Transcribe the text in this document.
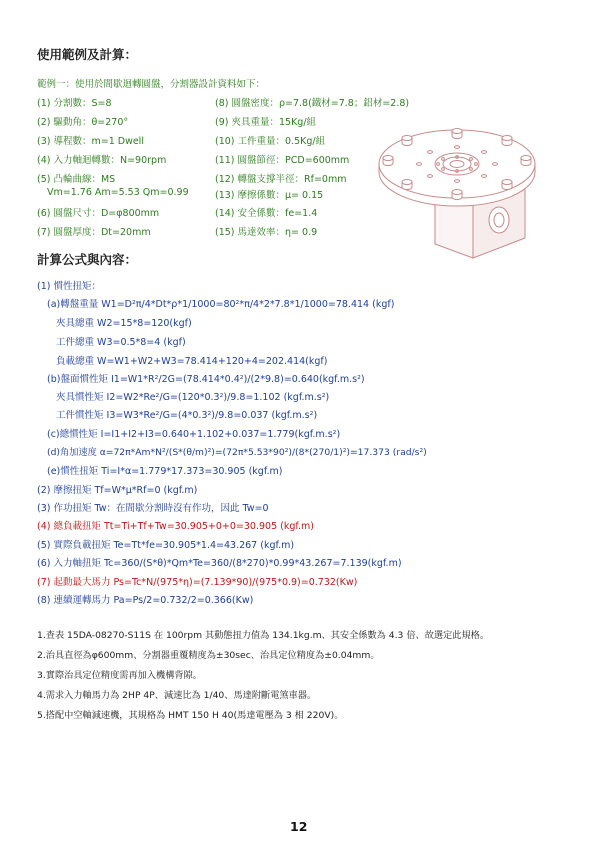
使用範例及計算：
範例一：使用於間歇迴轉圓盤，分割器設計資料如下：
(1) 分割數：S=8
(2) 驅動角：θ=270°
(3) 導程數：m=1 Dwell
(4) 入力軸迴轉數：N=90rpm
(5) 凸輪曲線：MS
Vm=1.76 Am=5.53 Qm=0.99
(6) 圓盤尺寸：D=φ800mm
(7) 圓盤厚度：Dt=20mm
(8) 圓盤密度：ρ=7.8(鐵材=7.8；鋁材=2.8)
(9) 夾具重量：15Kg/組
(10) 工件重量：0.5Kg/組
(11) 圓盤節徑：PCD=600mm
(12) 轉盤支撐半徑：Rf=0mm
(13) 摩擦係數：μ= 0.15
(14) 安全係數：fe=1.4
(15) 馬達效率：η= 0.9
計算公式與內容：
(1) 慣性扭矩：
(a)轉盤重量 W1=D²π/4*Dt*ρ*1/1000=80²*π/4*2*7.8*1/1000=78.414 (kgf)
夾具總重 W2=15*8=120(kgf)
工件總重 W3=0.5*8=4 (kgf)
負載總重 W=W1+W2+W3=78.414+120+4=202.414(kgf)
(b)盤面慣性矩 I1=W1*R²/2G=(78.414*0.4²)/(2*9.8)=0.640(kgf.m.s²)
夾具慣性矩 I2=W2*Re²/G=(120*0.3²)/9.8=1.102 (kgf.m.s²)
工件慣性矩 I3=W3*Re²/G=(4*0.3²)/9.8=0.037 (kgf.m.s²)
(c)總慣性矩 I=I1+I2+I3=0.640+1.102+0.037=1.779(kgf.m.s²)
(d)角加速度 α=72π*Am*N²/(S*(θ/m)²)=(72π*5.53*90²)/(8*(270/1)²)=17.373 (rad/s²)
(e)慣性扭矩 Ti=I*α=1.779*17.373=30.905 (kgf.m)
(2) 摩擦扭矩 Tf=W*μ*Rf=0 (kgf.m)
(3) 作功扭矩 Tw：在間歇分割時沒有作功，因此 Tw=0
(4) 總負載扭矩 Tt=Ti+Tf+Tw=30.905+0+0=30.905 (kgf.m)
(5) 實際負載扭矩 Te=Tt*fe=30.905*1.4=43.267 (kgf.m)
(6) 入力軸扭矩 Tc=360/(S*θ)*Qm*Te=360/(8*270)*0.99*43.267=7.139(kgf.m)
(7) 起動最大馬力 Ps=Tc*N/(975*η)=(7.139*90)/(975*0.9)=0.732(Kw)
(8) 連續運轉馬力 Pa=Ps/2=0.732/2=0.366(Kw)
1.查表 15DA-08270-S11S 在 100rpm 其動態扭力值為 134.1kg.m、其安全係數為 4.3 倍、故選定此規格。
2.治具直徑為φ600mm、分割器重覆精度為±30sec、治具定位精度為±0.04mm。
3.實際治具定位精度需再加入機構背隙。
4.需求入力軸馬力為 2HP 4P、減速比為 1/40、馬達附斷電煞車器。
5.搭配中空軸減速機，其規格為 HMT 150 H 40(馬達電壓為 3 相 220V)。
12
